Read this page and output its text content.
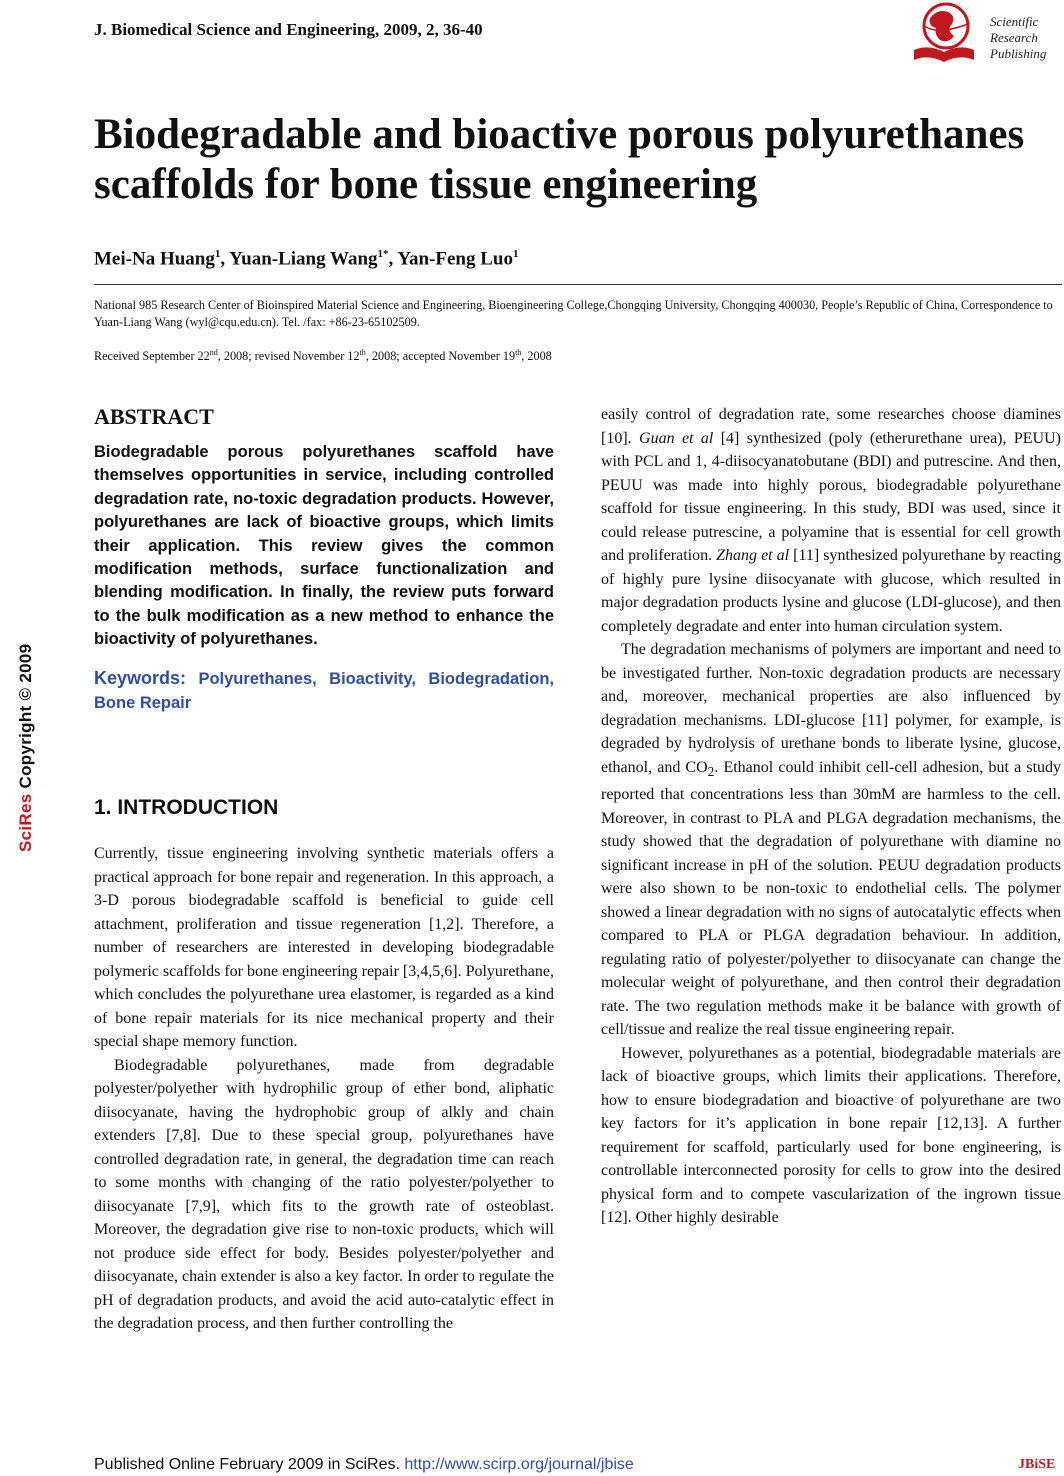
J. Biomedical Science and Engineering, 2009, 2, 36-40	Scientific
Research
Publishing
Biodegradable and bioactive porous polyurethanes scaffolds for bone tissue engineering
Mei-Na Huang$^1$, Yuan-Liang Wang$^{1*}$, Yan-Feng Luo$^1$
National 985 Research Center of Bioinspired Material Science and Engineering, Bioengineering College,Chongqing University, Chongqing 400030, People’s Republic of China, Correspondence to Yuan-Liang Wang (wyl@cqu.edu.cn). Tel. /fax: +86-23-65102509.
Received September 22nd, 2008; revised November 12th, 2008; accepted November 19th, 2008
SciRes Copyright © 2009
ABSTRACT

Biodegradable porous polyurethanes scaffold have themselves opportunities in service, including controlled degradation rate, no-toxic degradation products. However, polyurethanes are lack of bioactive groups, which limits their application. This review gives the common modification methods, surface functionalization and blending modification. In finally, the review puts forward to the bulk modification as a new method to enhance the bioactivity of polyurethanes.

Keywords: Polyurethanes, Bioactivity, Biodegradation, Bone Repair

1. INTRODUCTION

Currently, tissue engineering involving synthetic materials offers a practical approach for bone repair and regeneration. In this approach, a 3-D porous biodegradable scaffold is beneficial to guide cell attachment, proliferation and tissue regeneration [1,2]. Therefore, a number of researchers are interested in developing biodegradable polymeric scaffolds for bone engineering repair [3,4,5,6]. Polyurethane, which concludes the polyurethane urea elastomer, is regarded as a kind of bone repair materials for its nice mechanical property and their special shape memory function.

Biodegradable polyurethanes, made from degradable polyester/polyether with hydrophilic group of ether bond, aliphatic diisocyanate, having the hydrophobic group of alkly and chain extenders [7,8]. Due to these special group, polyurethanes have controlled degradation rate, in general, the degradation time can reach to some months with changing of the ratio polyester/polyether to diisocyanate [7,9], which fits to the growth rate of osteoblast. Moreover, the degradation give rise to non-toxic products, which will not produce side effect for body. Besides polyester/polyether and diisocyanate, chain extender is also a key factor. In order to regulate the pH of degradation products, and avoid the acid auto-catalytic effect in the degradation process, and then further controlling the

easily control of degradation rate, some researches choose diamines [10]. Guan et al [4] synthesized (poly (etherurethane urea), PEUU) with PCL and 1, 4-diisocyanatobutane (BDI) and putrescine. And then, PEUU was made into highly porous, biodegradable polyurethane scaffold for tissue engineering. In this study, BDI was used, since it could release putrescine, a polyamine that is essential for cell growth and proliferation. Zhang et al [11] synthesized polyurethane by reacting of highly pure lysine diisocyanate with glucose, which resulted in major degradation products lysine and glucose (LDI-glucose), and then completely degradate and enter into human circulation system.

The degradation mechanisms of polymers are important and need to be investigated further. Non-toxic degradation products are necessary and, moreover, mechanical properties are also influenced by degradation mechanisms. LDI-glucose [11] polymer, for example, is degraded by hydrolysis of urethane bonds to liberate lysine, glucose, ethanol, and $CO_2$. Ethanol could inhibit cell-cell adhesion, but a study reported that concentrations less than 30mM are harmless to the cell. Moreover, in contrast to PLA and PLGA degradation mechanisms, the study showed that the degradation of polyurethane with diamine no significant increase in pH of the solution. PEUU degradation products were also shown to be non-toxic to endothelial cells. The polymer showed a linear degradation with no signs of autocatalytic effects when compared to PLA or PLGA degradation behaviour. In addition, regulating ratio of polyester/polyether to diisocyanate can change the molecular weight of polyurethane, and then control their degradation rate. The two regulation methods make it be balance with growth of cell/tissue and realize the real tissue engineering repair.

However, polyurethanes as a potential, biodegradable materials are lack of bioactive groups, which limits their applications. Therefore, how to ensure biodegradation and bioactive of polyurethane are two key factors for it’s application in bone repair [12,13]. A further requirement for scaffold, particularly used for bone engineering, is controllable interconnected porosity for cells to grow into the desired physical form and to compete vascularization of the ingrown tissue [12]. Other highly desirable

Published Online February 2009 in SciRes. http://www.scirp.org/journal/jbise	JBiSE
